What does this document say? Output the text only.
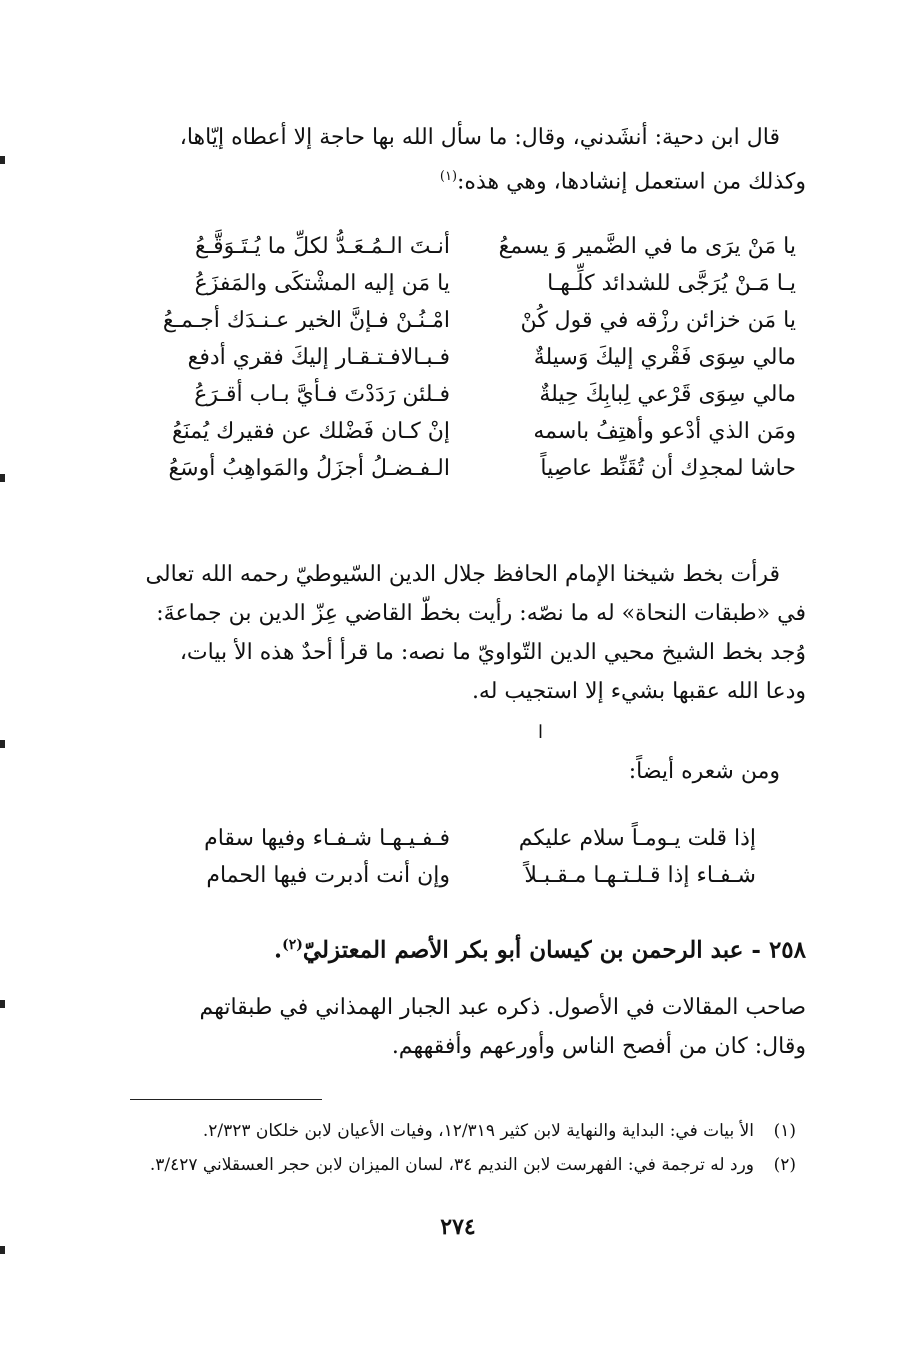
قال ابن دحية: أنشَدني، وقال: ما سأل الله بها حاجة إلا أعطاه إيّاها،
وكذلك من استعمل إنشادها، وهي هذه:$^{(١)}$
يا مَنْ يرَى ما في الضَّمير وَ يسمعُ
أنـتَ الـمُـعَـدُّ لكلِّ ما يُـتَـوَقَّـعُ
يـا مَـنْ يُرَجَّى للشدائد كلِّـهـا
يا مَن إليه المشْتكَى والمَفزَعُ
يا مَن خزائن رزْقه في قول كُنْ
امْـنُـنْ فـإنَّ الخير عـنـدَك أجـمـعُ
مالي سِوَى فَقْري إليكَ وَسيلةٌ
فـبـالافـتـقـار إليكَ فقري أدفع
مالي سِوَى قَرْعي لِبابِكَ حِيلةٌ
فـلئن رَدَدْتَ فـأيَّ بـاب أقـرَعُ
ومَن الذي أدْعو وأهتِفُ باسمه
إنْ كـان فَضْلك عن فقيرك يُمنَعُ
حاشا لمجدِك أن تُقَنِّط عاصِياً
الـفـضـلُ أجزَلُ والمَواهِبُ أوسَعُ
قرأت بخط شيخنا الإمام الحافظ جلال الدين السّيوطيّ رحمه الله تعالى
في «طبقات النحاة» له ما نصّه: رأيت بخطّ القاضي عِزّ الدين بن جماعةَ:
وُجد بخط الشيخ محيي الدين التّواويّ ما نصه: ما قرأ أحدٌ هذه الأ بيات،
ودعا الله عقبها بشيء إلا استجيب له.
ا
ومن شعره أيضاً:
إذا قلت يـومـاً سلام عليكم
فـفـيـهـا شـفـاء وفيها سقام
شـفـاء إذا قـلـتـهـا مـقـبـلاً
وإن أنت أدبرت فيها الحمام
٢٥٨ - عبد الرحمن بن كيسان أبو بكر الأصم المعتزليّ$^{(٢)}$.
صاحب المقالات في الأصول. ذكره عبد الجبار الهمذاني في طبقاتهم
وقال: كان من أفصح الناس وأورعهم وأفقههم.
(١)
الأ بيات في: البداية والنهاية لابن كثير ١٢/٣١٩، وفيات الأعيان لابن خلكان ٢/٣٢٣.
(٢)
ورد له ترجمة في: الفهرست لابن النديم ٣٤، لسان الميزان لابن حجر العسقلاني ٣/٤٢٧.
٢٧٤
